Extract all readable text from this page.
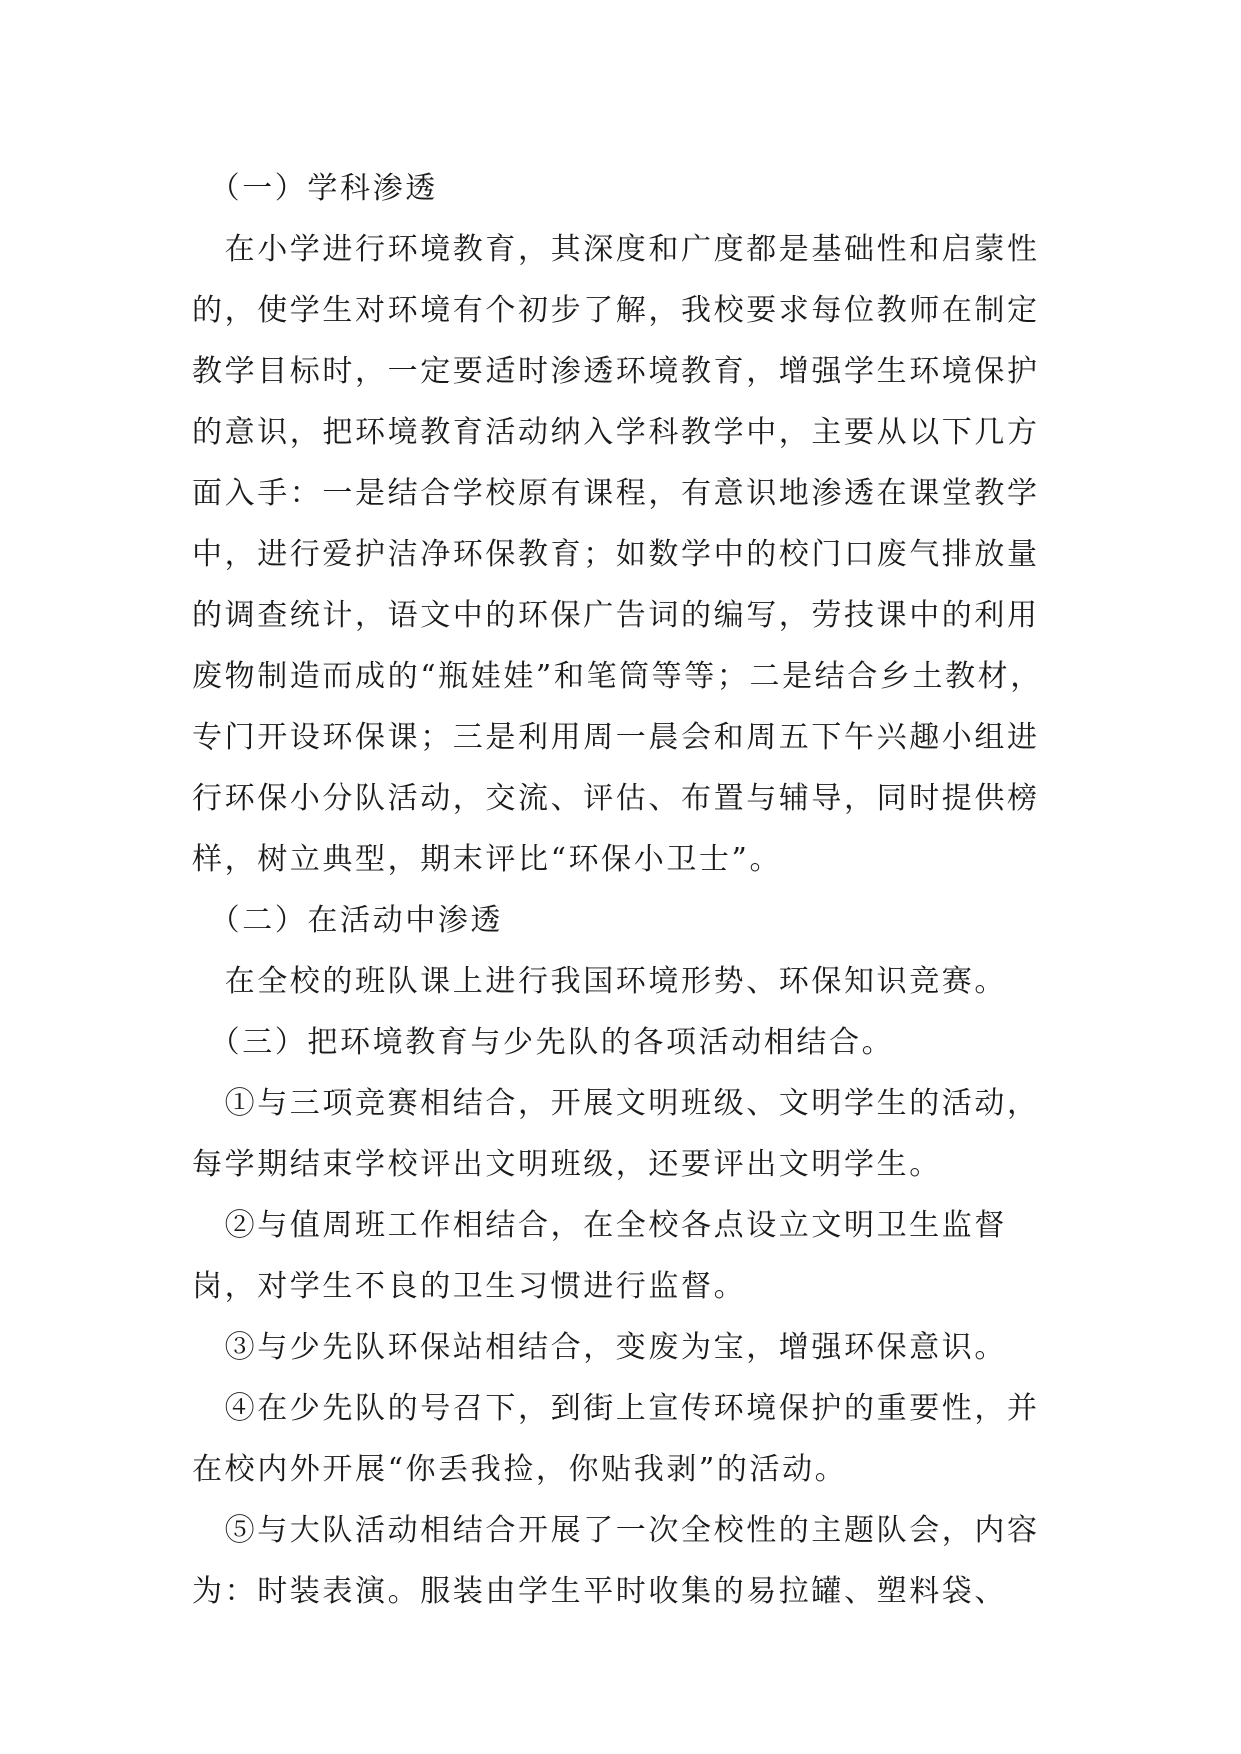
　（一）学科渗透

　在小学进行环境教育，其深度和广度都是基础性和启蒙性的，使学生对环境有个初步了解，我校要求每位教师在制定教学目标时，一定要适时渗透环境教育，增强学生环境保护的意识，把环境教育活动纳入学科教学中，主要从以下几方面入手：一是结合学校原有课程，有意识地渗透在课堂教学中，进行爱护洁净环保教育；如数学中的校门口废气排放量的调查统计，语文中的环保广告词的编写，劳技课中的利用废物制造而成的“瓶娃娃”和笔筒等等；二是结合乡土教材，专门开设环保课；三是利用周一晨会和周五下午兴趣小组进行环保小分队活动，交流、评估、布置与辅导，同时提供榜样，树立典型，期末评比“环保小卫士”。

　（二）在活动中渗透

　在全校的班队课上进行我国环境形势、环保知识竞赛。

　（三）把环境教育与少先队的各项活动相结合。

　①与三项竞赛相结合，开展文明班级、文明学生的活动，每学期结束学校评出文明班级，还要评出文明学生。

　②与值周班工作相结合，在全校各点设立文明卫生监督岗，对学生不良的卫生习惯进行监督。

　③与少先队环保站相结合，变废为宝，增强环保意识。

　④在少先队的号召下，到街上宣传环境保护的重要性，并在校内外开展“你丢我捡，你贴我剥”的活动。

　⑤与大队活动相结合开展了一次全校性的主题队会，内容为：时装表演。服装由学生平时收集的易拉罐、塑料袋、
